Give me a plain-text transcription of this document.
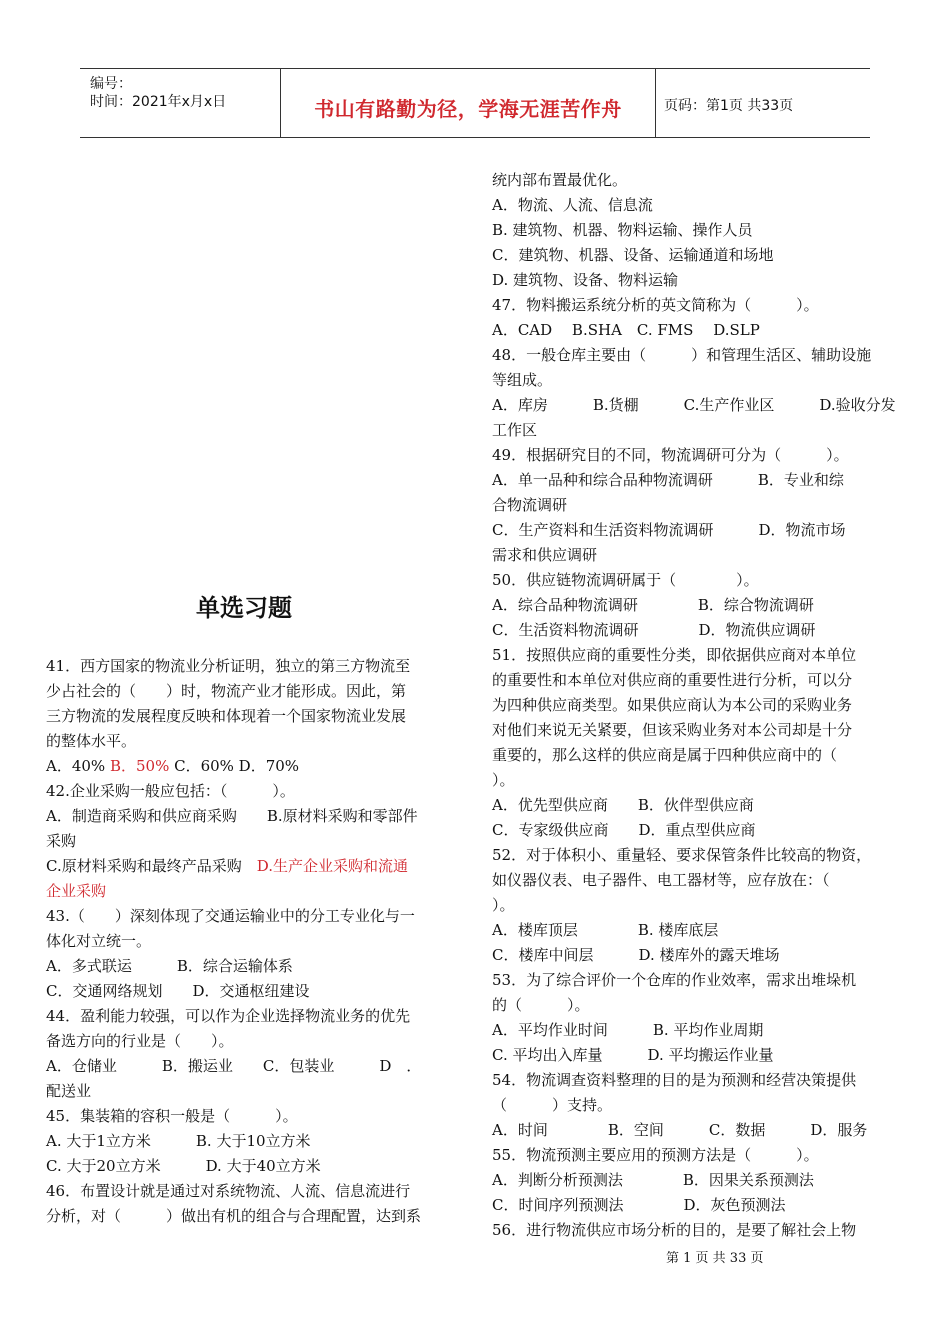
编号：
时间：2021年x月x日	书山有路勤为径，学海无涯苦作舟	页码：第1页 共33页
单选习题

41．西方国家的物流业分析证明，独立的第三方物流至

少占社会的（　　）时，物流产业才能形成。因此，第

三方物流的发展程度反映和体现着一个国家物流业发展

的整体水平。

A．40% B．50% C．60% D．70%

42.企业采购一般应包括：（　　　）。

A．制造商采购和供应商采购　　B.原材料采购和零部件

采购

C.原材料采购和最终产品采购　D.生产企业采购和流通

企业采购

43.（　　）深刻体现了交通运输业中的分工专业化与一

体化对立统一。

A．多式联运　　　B．综合运输体系

C．交通网络规划　　D．交通枢纽建设

44．盈利能力较强，可以作为企业选择物流业务的优先

备选方向的行业是（　　）。

A．仓储业　　　B．搬运业　　C．包装业　　　D　．

配送业

45．集装箱的容积一般是（　　　）。

A. 大于1立方米　　　B. 大于10立方米

C. 大于20立方米　　　D. 大于40立方米

46．布置设计就是通过对系统物流、人流、信息流进行

分析，对（　　　）做出有机的组合与合理配置，达到系

统内部布置最优化。

A．物流、人流、信息流

B. 建筑物、机器、物料运输、操作人员

C．建筑物、机器、设备、运输通道和场地

D. 建筑物、设备、物料运输

47．物料搬运系统分析的英文简称为（　　　）。

A．CAD　 B.SHA　C. FMS　 D.SLP

48．一般仓库主要由（　　　）和管理生活区、辅助设施

等组成。

A．库房　　　B.货棚　　　C.生产作业区　　　D.验收分发

工作区

49．根据研究目的不同，物流调研可分为（　　　）。

A．单一品种和综合品种物流调研　　　B．专业和综

合物流调研

C．生产资料和生活资料物流调研　　　D．物流市场

需求和供应调研

50．供应链物流调研属于（　　　　）。

A．综合品种物流调研　　　　B．综合物流调研

C．生活资料物流调研　　　　D．物流供应调研

51．按照供应商的重要性分类，即依据供应商对本单位

的重要性和本单位对供应商的重要性进行分析，可以分

为四种供应商类型。如果供应商认为本公司的采购业务

对他们来说无关紧要，但该采购业务对本公司却是十分

重要的，那么这样的供应商是属于四种供应商中的（

）。

A．优先型供应商　　B．伙伴型供应商

C．专家级供应商　　D．重点型供应商

52．对于体积小、重量轻、要求保管条件比较高的物资，

如仪器仪表、电子器件、电工器材等，应存放在：（

）。

A．楼库顶层　　　　B. 楼库底层

C．楼库中间层　　　D. 楼库外的露天堆场

53．为了综合评价一个仓库的作业效率，需求出堆垛机

的（　　　）。

A．平均作业时间　　　B. 平均作业周期

C. 平均出入库量　　　D. 平均搬运作业量

54．物流调查资料整理的目的是为预测和经营决策提供

（　　　）支持。

A．时间　　　　B．空间　　　C．数据　　　D．服务

55．物流预测主要应用的预测方法是（　　　）。

A．判断分析预测法　　　　B．因果关系预测法

C．时间序列预测法　　　　D．灰色预测法

56．进行物流供应市场分析的目的，是要了解社会上物

第 1 页 共 33 页
